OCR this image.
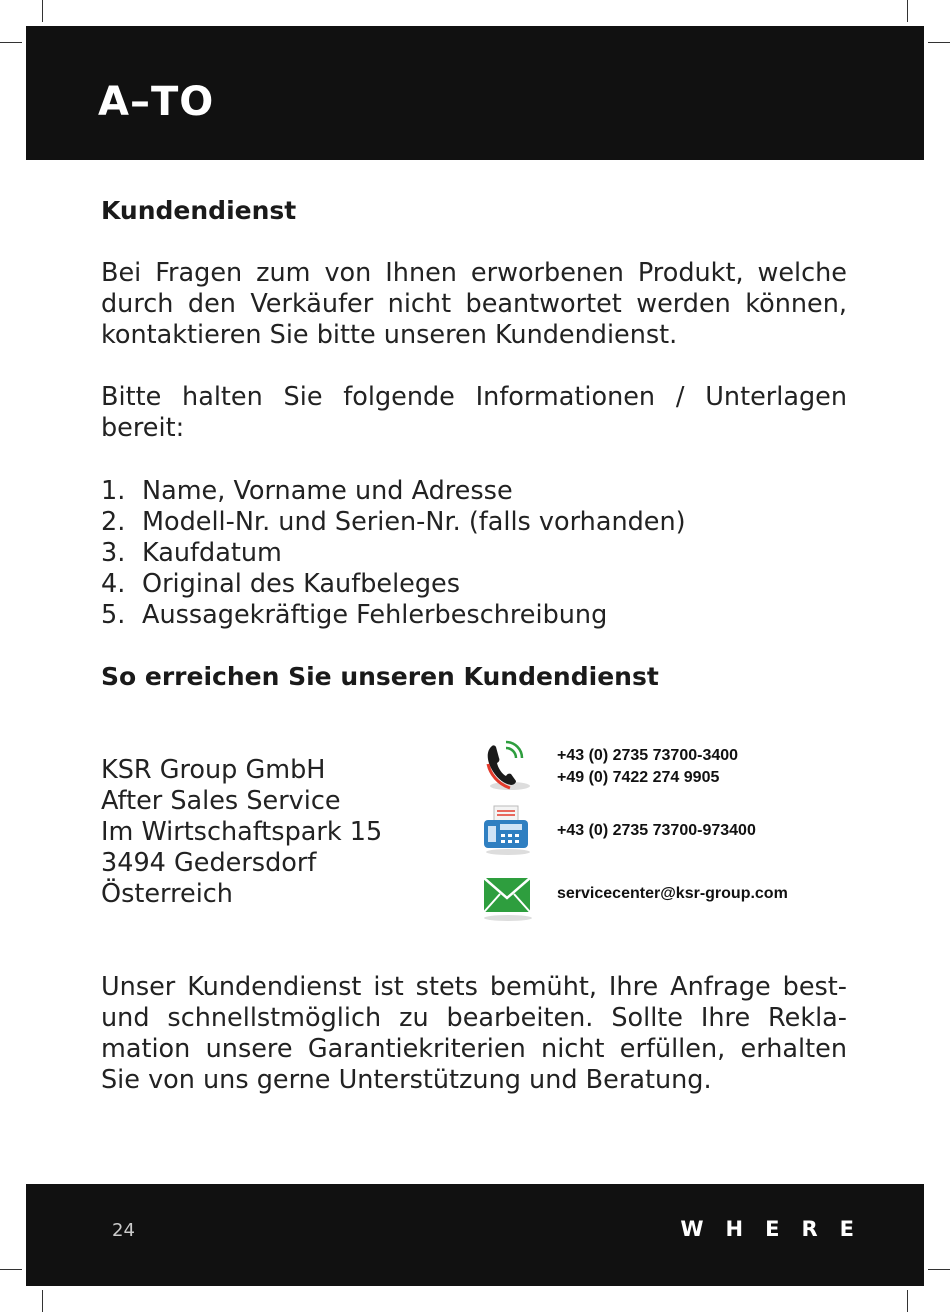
A–TO
Kundendienst

Bei Fragen zum von Ihnen erworbenen Produkt, welche durch den Verkäufer nicht beantwortet werden können, kontaktieren Sie bitte unseren Kundendienst.

Bitte halten Sie folgende Informationen / Unterlagen bereit:

1. Name, Vorname und Adresse
2. Modell-Nr. und Serien-Nr. (falls vorhanden)
3. Kaufdatum
4. Original des Kaufbeleges
5. Aussagekräftige Fehlerbeschreibung
So erreichen Sie unseren Kundendienst
KSR Group GmbH
After Sales Service
Im Wirtschaftspark 15
3494 Gedersdorf
Österreich
+43 (0) 2735 73700-3400
+49 (0) 7422 274 9905
+43 (0) 2735 73700-973400
servicecenter@ksr-group.com

Unser Kundendienst ist stets bemüht, Ihre Anfrage best- und schnellstmöglich zu bearbeiten. Sollte Ihre Rekla- mation unsere Garantiekriterien nicht erfüllen, erhalten Sie von uns gerne Unterstützung und Beratung.

24	WHERE
